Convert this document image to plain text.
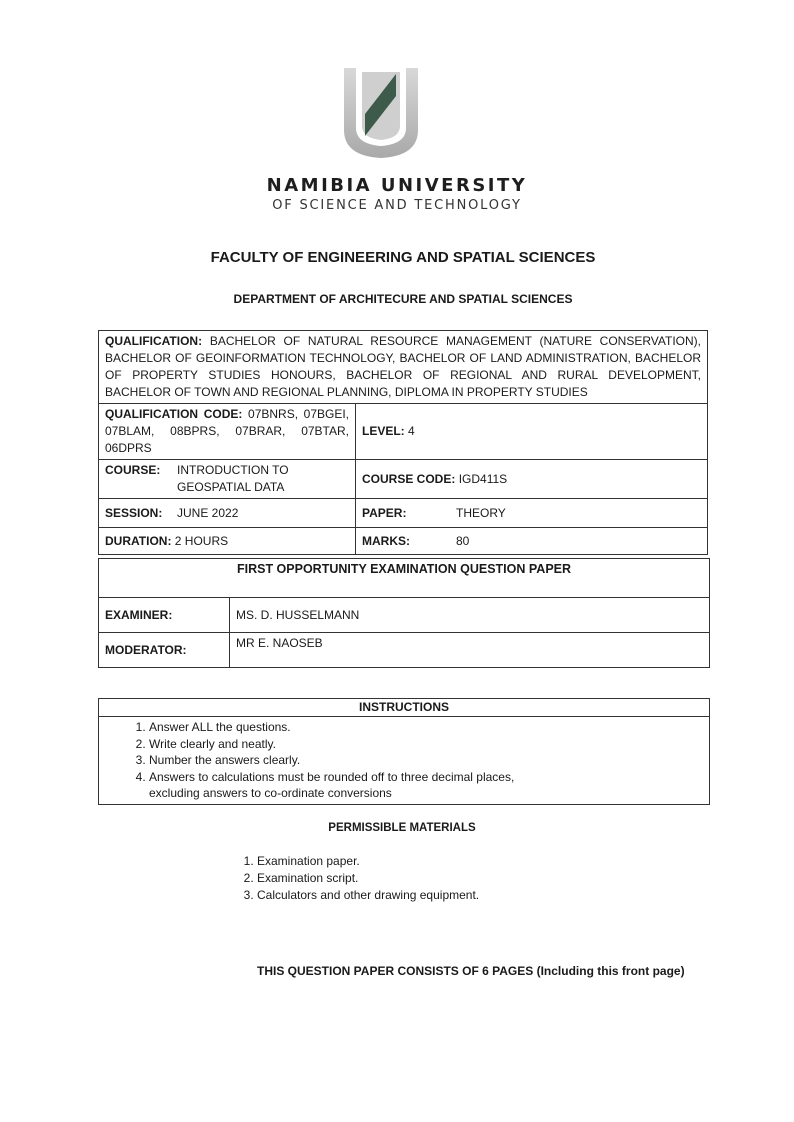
NAMIBIA UNIVERSITY
OF SCIENCE AND TECHNOLOGY
FACULTY OF ENGINEERING AND SPATIAL SCIENCES
DEPARTMENT OF ARCHITECURE AND SPATIAL SCIENCES
QUALIFICATION: BACHELOR OF NATURAL RESOURCE MANAGEMENT (NATURE CONSERVATION), BACHELOR OF GEOINFORMATION TECHNOLOGY, BACHELOR OF LAND ADMINISTRATION, BACHELOR OF PROPERTY STUDIES HONOURS, BACHELOR OF REGIONAL AND RURAL DEVELOPMENT, BACHELOR OF TOWN AND REGIONAL PLANNING, DIPLOMA IN PROPERTY STUDIES	
QUALIFICATION CODE: 07BNRS, 07BGEI, 07BLAM, 08BPRS, 07BRAR, 07BTAR, 06DPRS	LEVEL: 4

COURSE: INTRODUCTION TO
GEOSPATIAL DATA	COURSE CODE: IGD411S

SESSION: JUNE 2022	PAPER: THEORY

DURATION: 2 HOURS	MARKS: 80
FIRST OPPORTUNITY EXAMINATION QUESTION PAPER	
EXAMINER:	MS. D. HUSSELMANN
MODERATOR:	MR E. NAOSEB
INSTRUCTIONS

1. Answer ALL the questions.
2. Write clearly and neatly.
3. Number the answers clearly.
4. Answers to calculations must be rounded off to three decimal places, excluding answers to co-ordinate conversions
PERMISSIBLE MATERIALS
1. Examination paper.
2. Examination script.
3. Calculators and other drawing equipment.
THIS QUESTION PAPER CONSISTS OF 6 PAGES (Including this front page)
